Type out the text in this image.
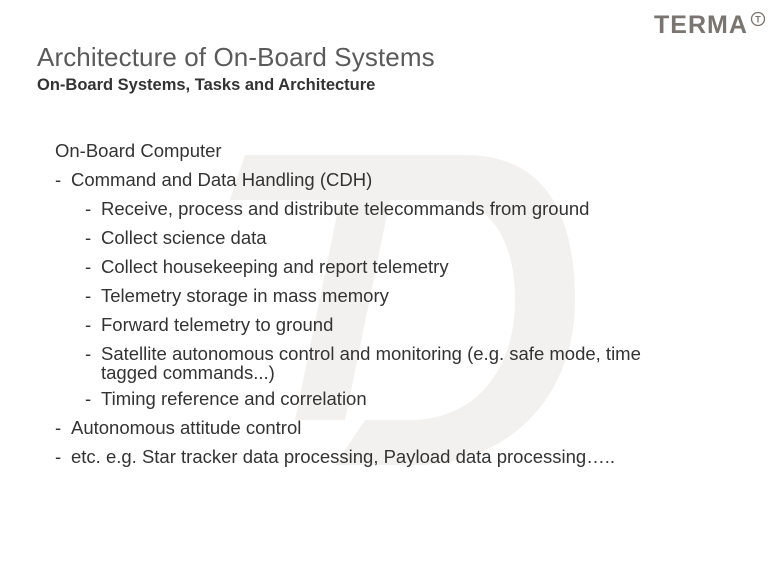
TERMA T
Architecture of On-Board Systems
On-Board Systems, Tasks and Architecture
On-Board Computer
- Command and Data Handling (CDH)
- Receive, process and distribute telecommands from ground
- Collect science data
- Collect housekeeping and report telemetry
- Telemetry storage in mass memory
- Forward telemetry to ground
- Satellite autonomous control and monitoring (e.g. safe mode, time
tagged commands...)
- Timing reference and correlation
- Autonomous attitude control
- etc. e.g. Star tracker data processing, Payload data processing…..
